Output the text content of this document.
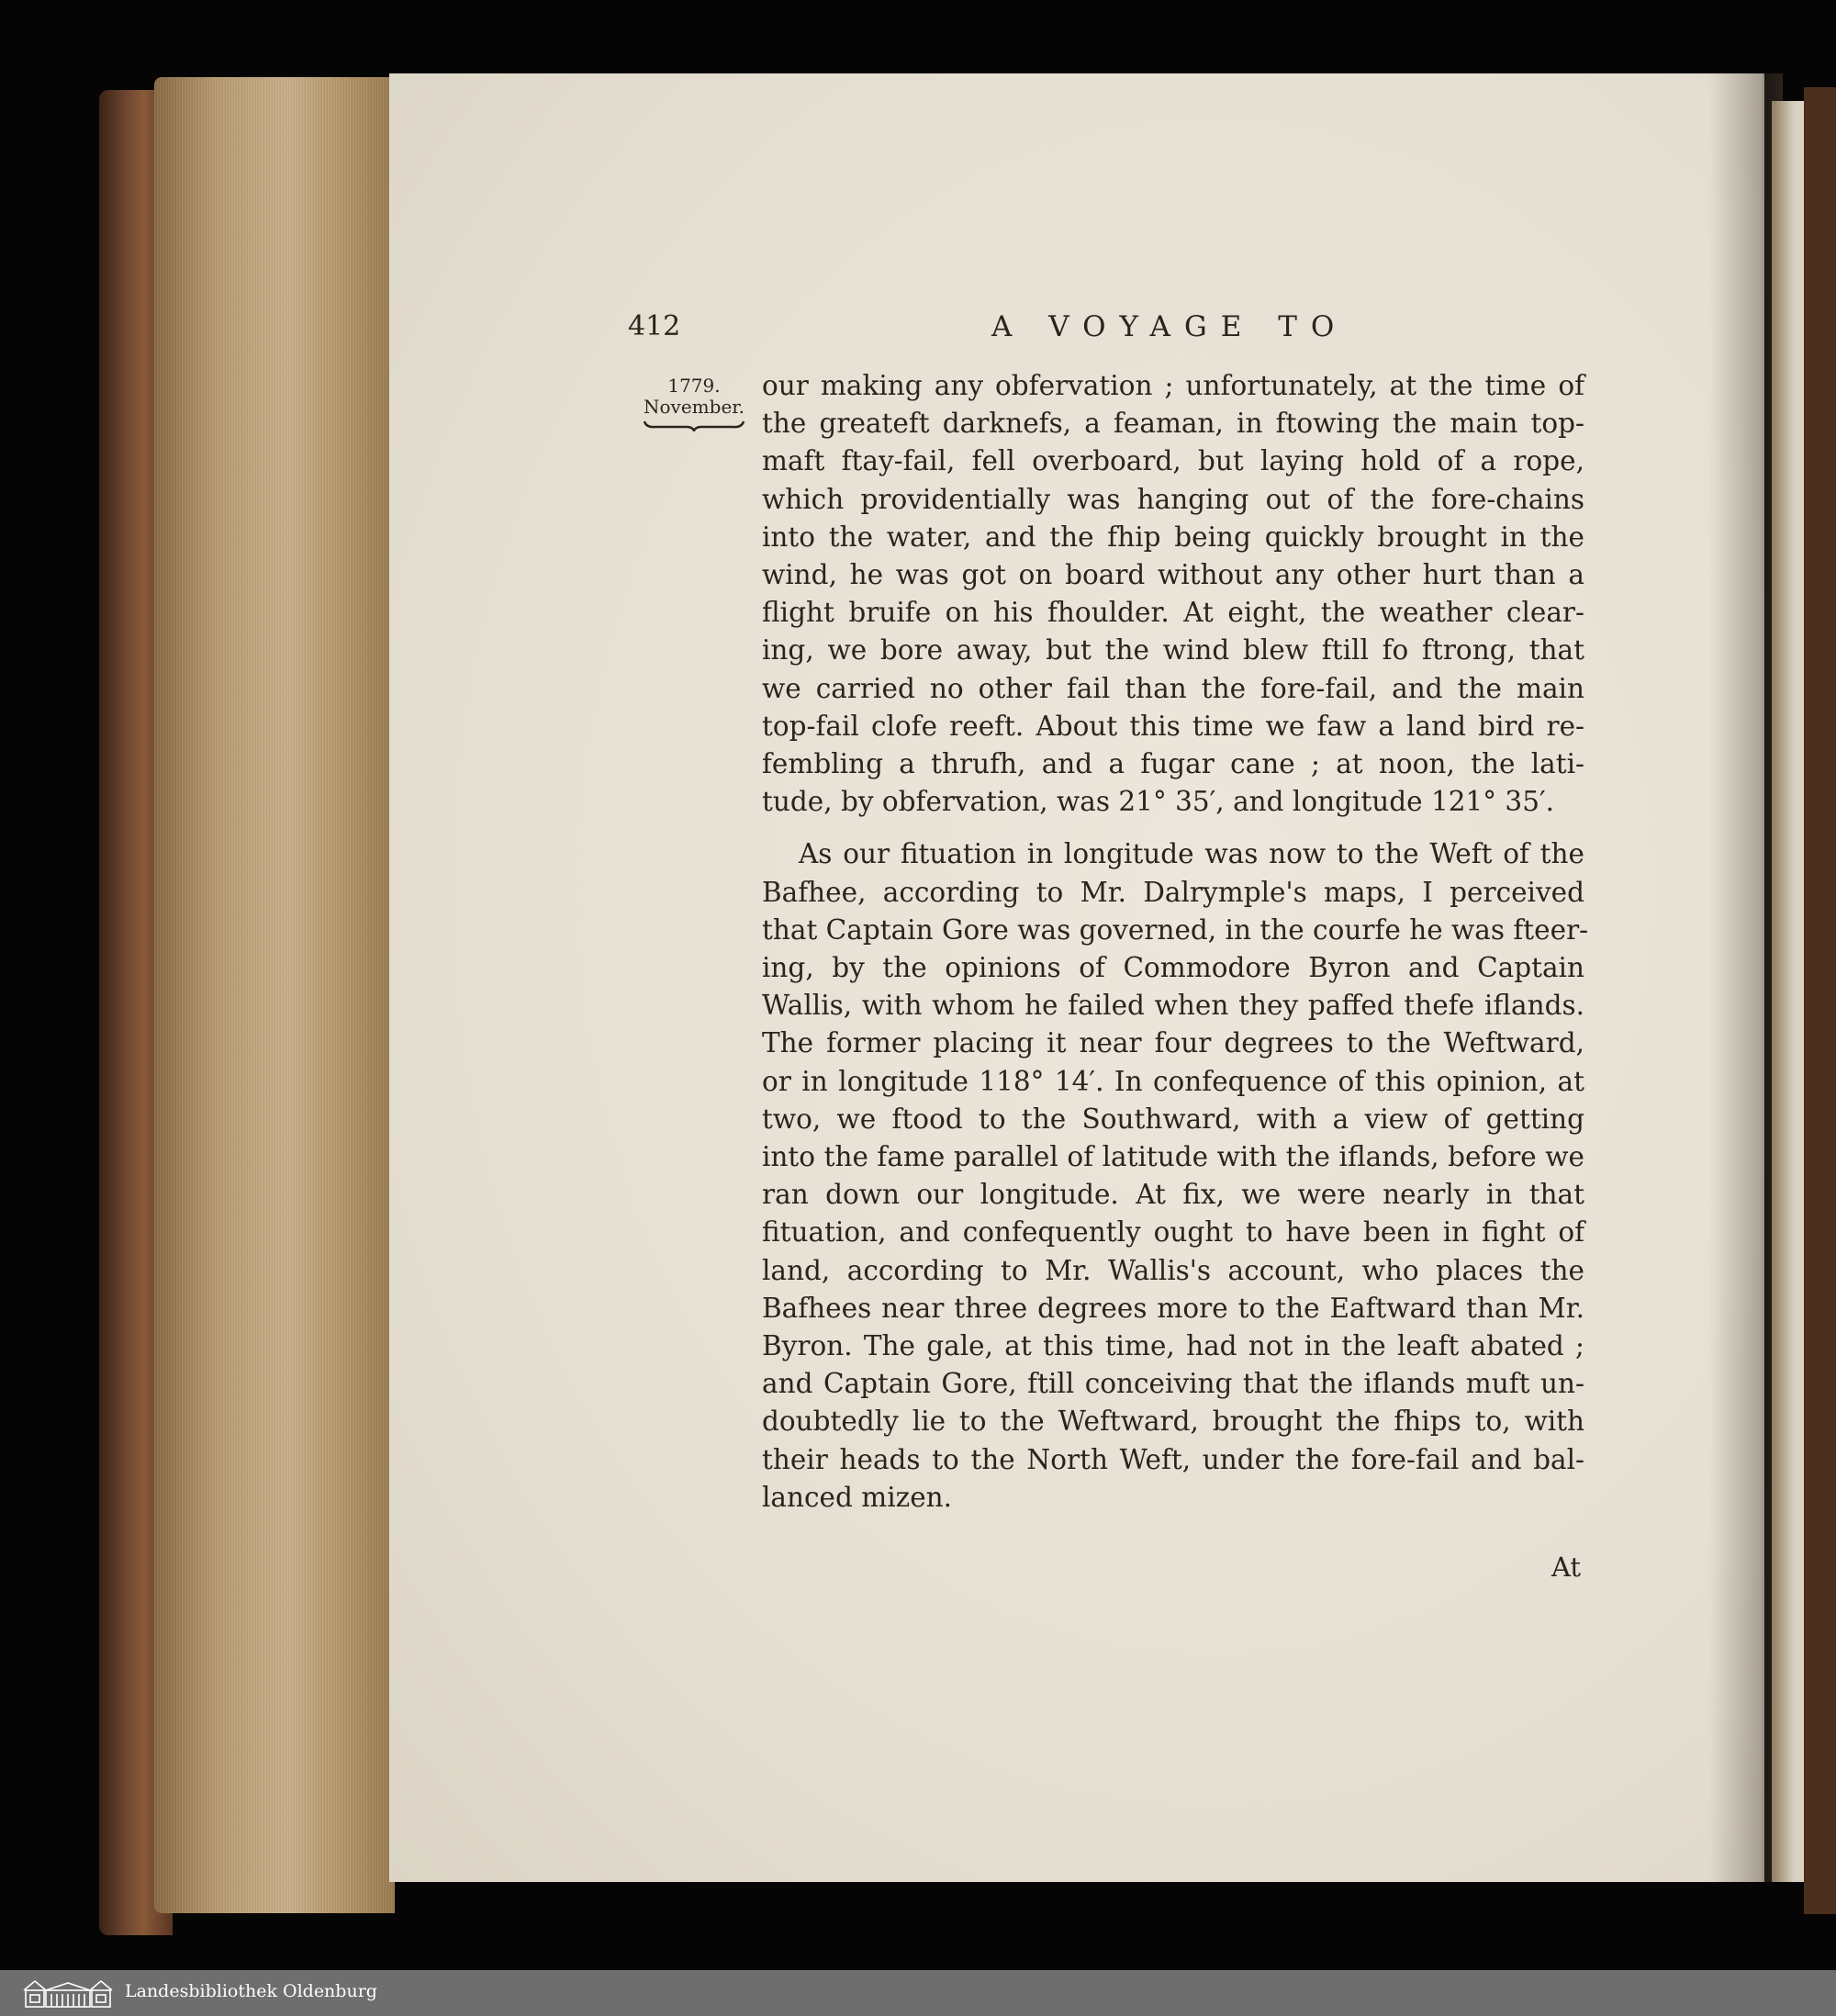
412	A VOYAGE TO
1779.
November.
our making any obfervation ; unfortunately, at the time of
the greateft darknefs, a feaman, in ftowing the main top-
maft ftay-fail, fell overboard, but laying hold of a rope,
which providentially was hanging out of the fore-chains
into the water, and the fhip being quickly brought in the
wind, he was got on board without any other hurt than a
flight bruife on his fhoulder. At eight, the weather clear-
ing, we bore away, but the wind blew ftill fo ftrong, that
we carried no other fail than the fore-fail, and the main
top-fail clofe reeft. About this time we faw a land bird re-
fembling a thrufh, and a fugar cane ; at noon, the lati-
tude, by obfervation, was 21° 35′, and longitude 121° 35′.
As our fituation in longitude was now to the Weft of the
Bafhee, according to Mr. Dalrymple's maps, I perceived
that Captain Gore was governed, in the courfe he was fteer-
ing, by the opinions of Commodore Byron and Captain
Wallis, with whom he failed when they paffed thefe iflands.
The former placing it near four degrees to the Weftward,
or in longitude 118° 14′. In confequence of this opinion, at
two, we ftood to the Southward, with a view of getting
into the fame parallel of latitude with the iflands, before we
ran down our longitude. At fix, we were nearly in that
fituation, and confequently ought to have been in fight of
land, according to Mr. Wallis's account, who places the
Bafhees near three degrees more to the Eaftward than Mr.
Byron. The gale, at this time, had not in the leaft abated ;
and Captain Gore, ftill conceiving that the iflands muft un-
doubtedly lie to the Weftward, brought the fhips to, with
their heads to the North Weft, under the fore-fail and bal-
lanced mizen.
At
Landesbibliothek Oldenburg
